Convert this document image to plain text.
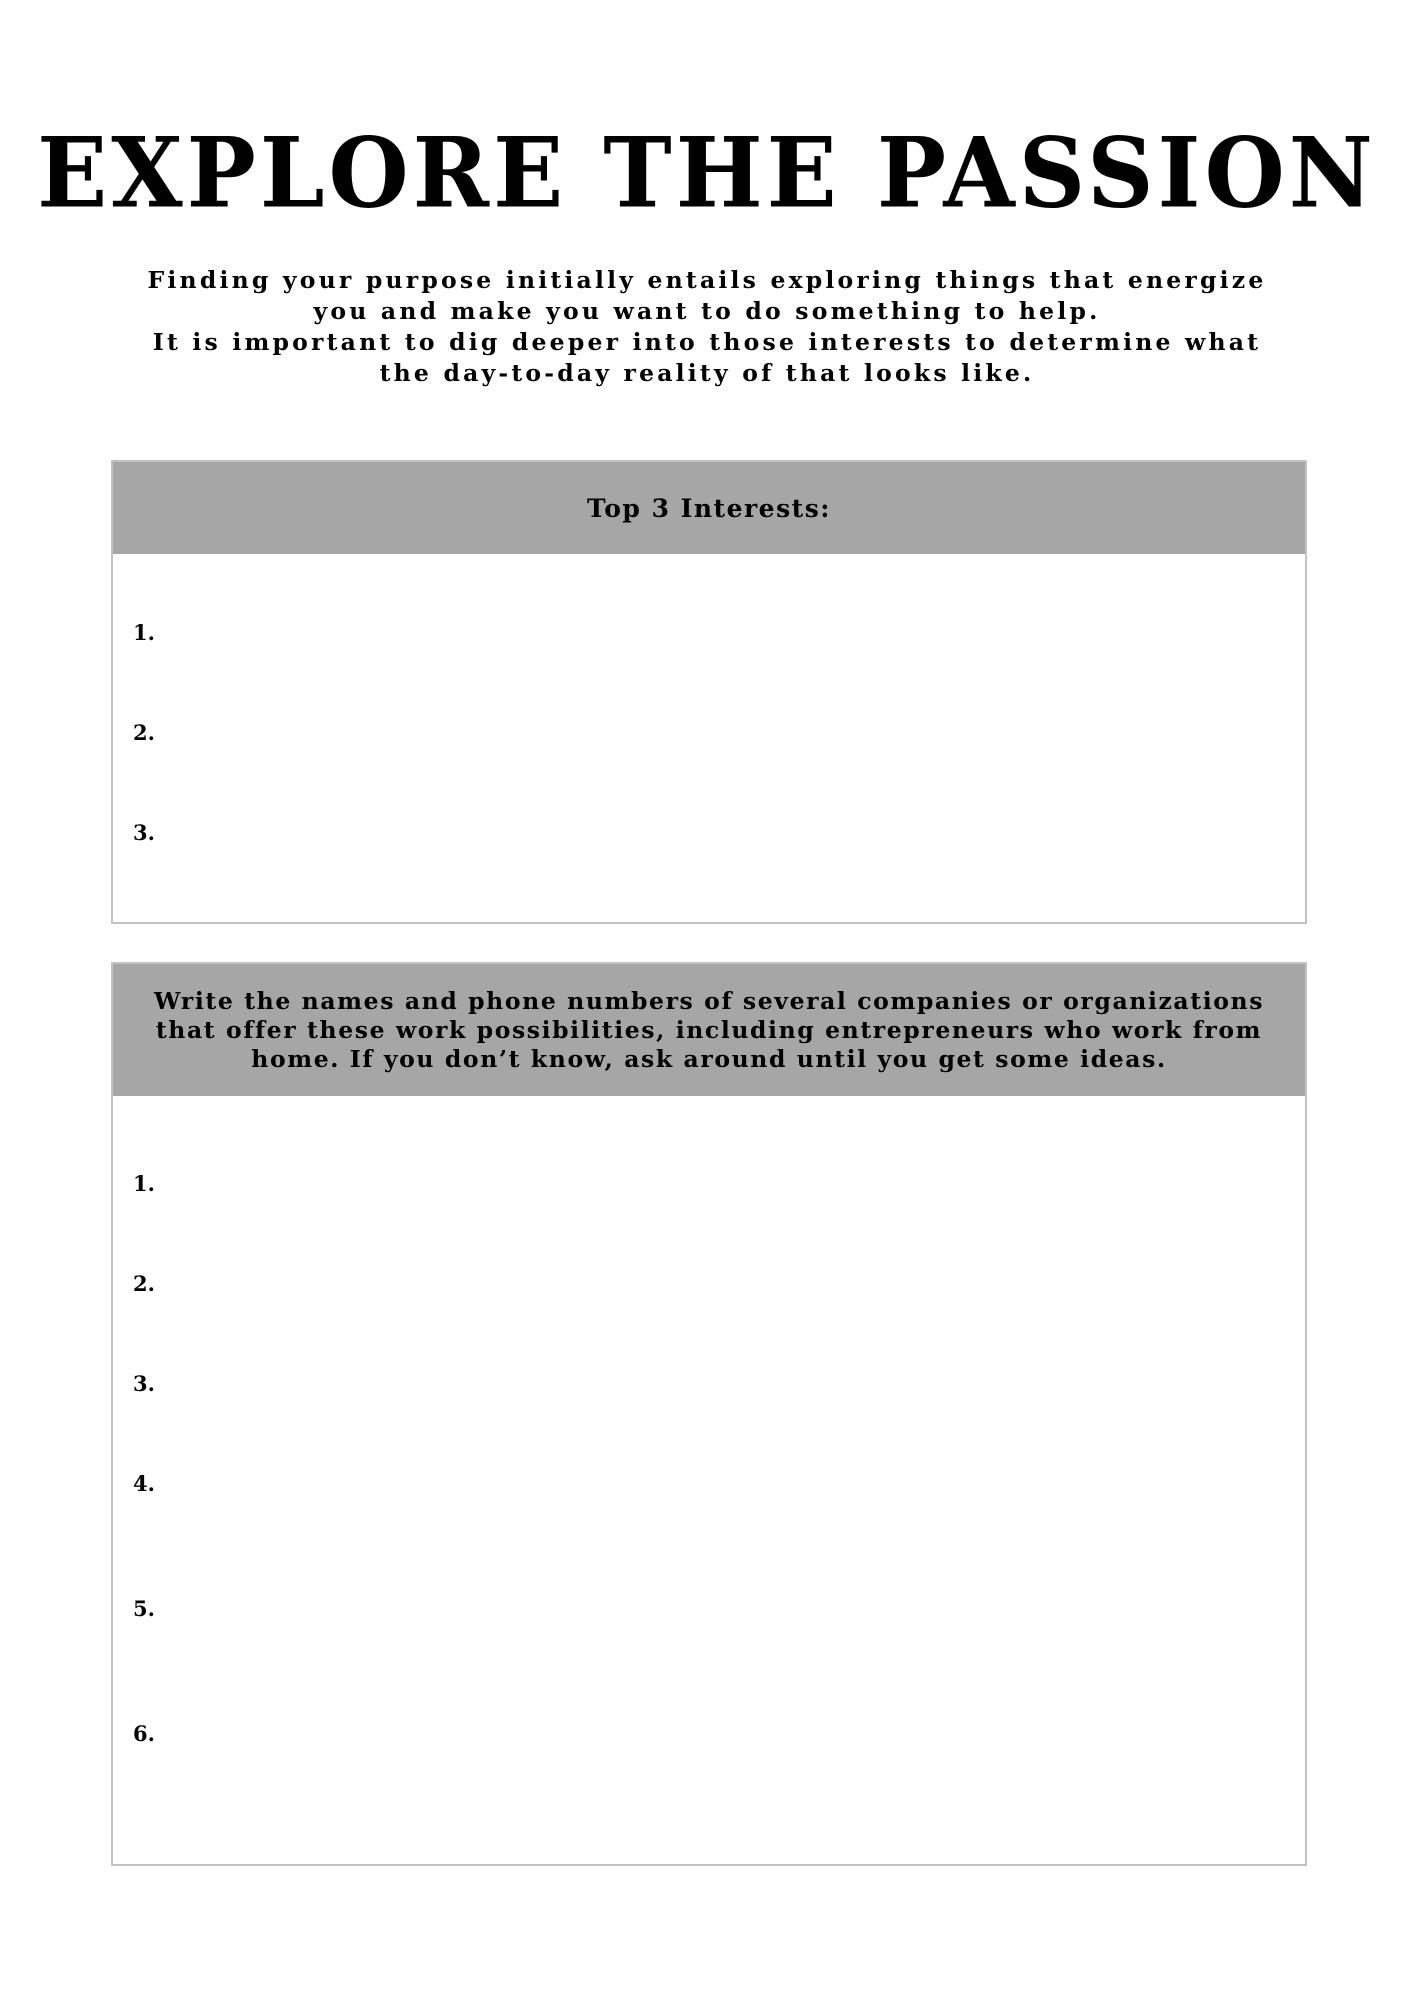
EXPLORE THE PASSION
Finding your purpose initially entails exploring things that energize
you and make you want to do something to help.
It is important to dig deeper into those interests to determine what
the day-to-day reality of that looks like.
Top 3 Interests:
1.
2.
3.
Write the names and phone numbers of several companies or organizations
that offer these work possibilities, including entrepreneurs who work from
home. If you don’t know, ask around until you get some ideas.
1.
2.
3.
4.
5.
6.
